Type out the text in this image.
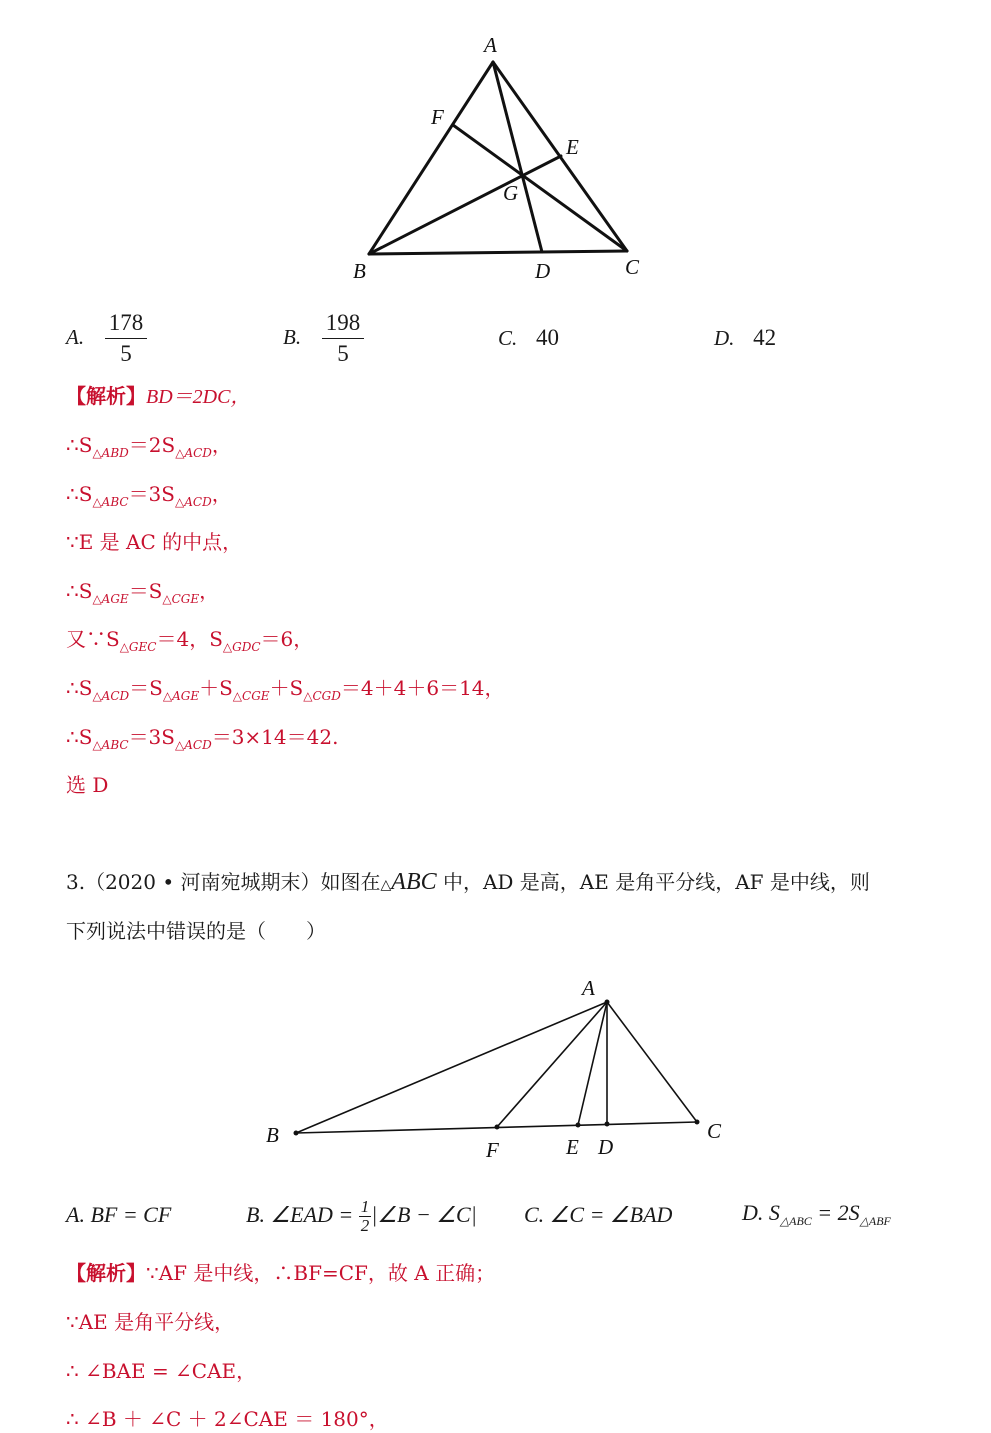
A
F
E
G
B	D	C
A. $\frac{178}{5}$	B. $\frac{198}{5}$	C. 40	D. 42
【解析】BD＝2DC，
$\therefore S_{\triangle ABD}=2S_{\triangle ACD}$，
$\therefore S_{\triangle ABC}=3S_{\triangle ACD}$，
∵E 是 AC 的中点，
$\therefore S_{\triangle AGE}=S_{\triangle CGE}$，
又$\because S_{\triangle GEC}=4$，$S_{\triangle GDC}=6$，
$\therefore S_{\triangle ACD}=S_{\triangle AGE}+S_{\triangle CGE}+S_{\triangle CGD}=4+4+6=14$，
$\therefore S_{\triangle ABC}=3S_{\triangle ACD}=3\times 14=42$.
选 D
3.（2020 • 河南宛城期末）如图在△ABC 中，AD 是高，AE 是角平分线，AF 是中线，则
下列说法中错误的是（　　）
A
B	C
F	E D
A. BF = CF	B. ∠EAD = $\frac{1}{2}$ |∠B − ∠C| C. ∠C = ∠BAD	D. $S_{\triangle ABC} = 2S_{\triangle ABF}$
【解析】∵AF 是中线，∴BF=CF，故 A 正确；
∵AE 是角平分线，
∴ ∠BAE = ∠CAE，
∴ ∠B ＋ ∠C ＋ 2∠CAE ＝ 180°，
